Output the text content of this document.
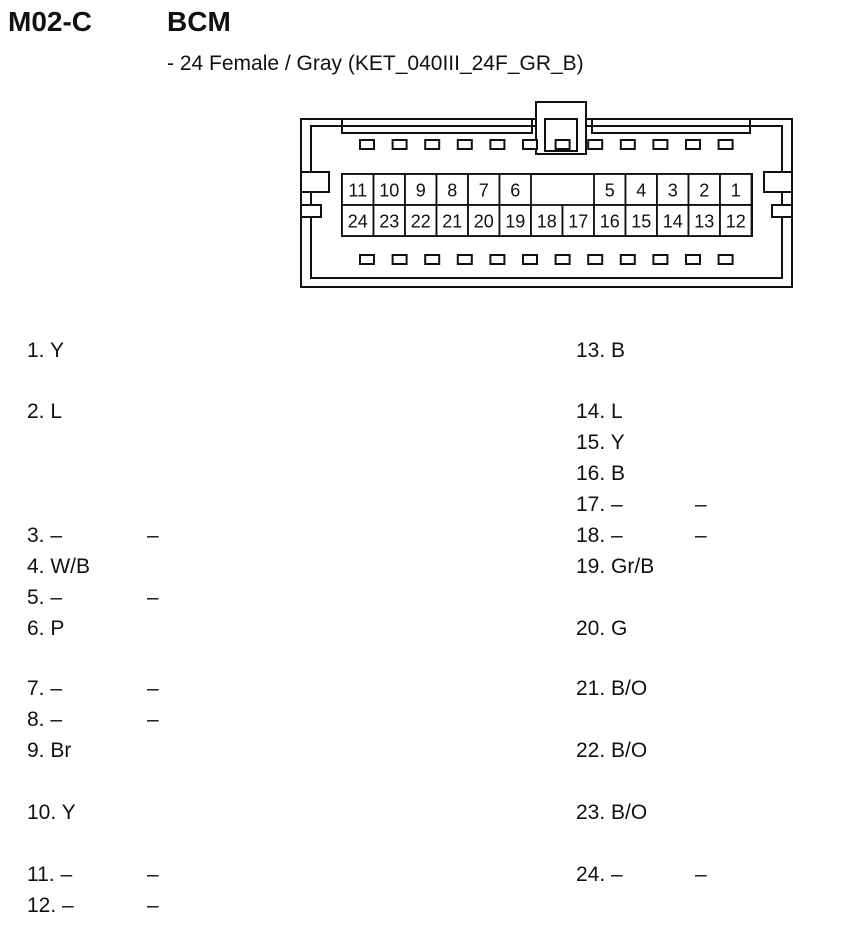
M02-C	BCM
- 24 Female / Gray (KET_040III_24F_GR_B)
11 10 9 8 7 6	5 4 3 2 1
24 23 22 21 20 19 18 17 16 15 14 13 12
1. Y
2. L
3. –	–
4. W/B
5. –	–
6. P
7. –	–
8. –	–
9. Br
10. Y
11. –	–
12. –	–
13. B
14. L
15. Y
16. B
17. –	–
18. –	–
19. Gr/B
20. G
21. B/O
22. B/O
23. B/O
24. –	–
